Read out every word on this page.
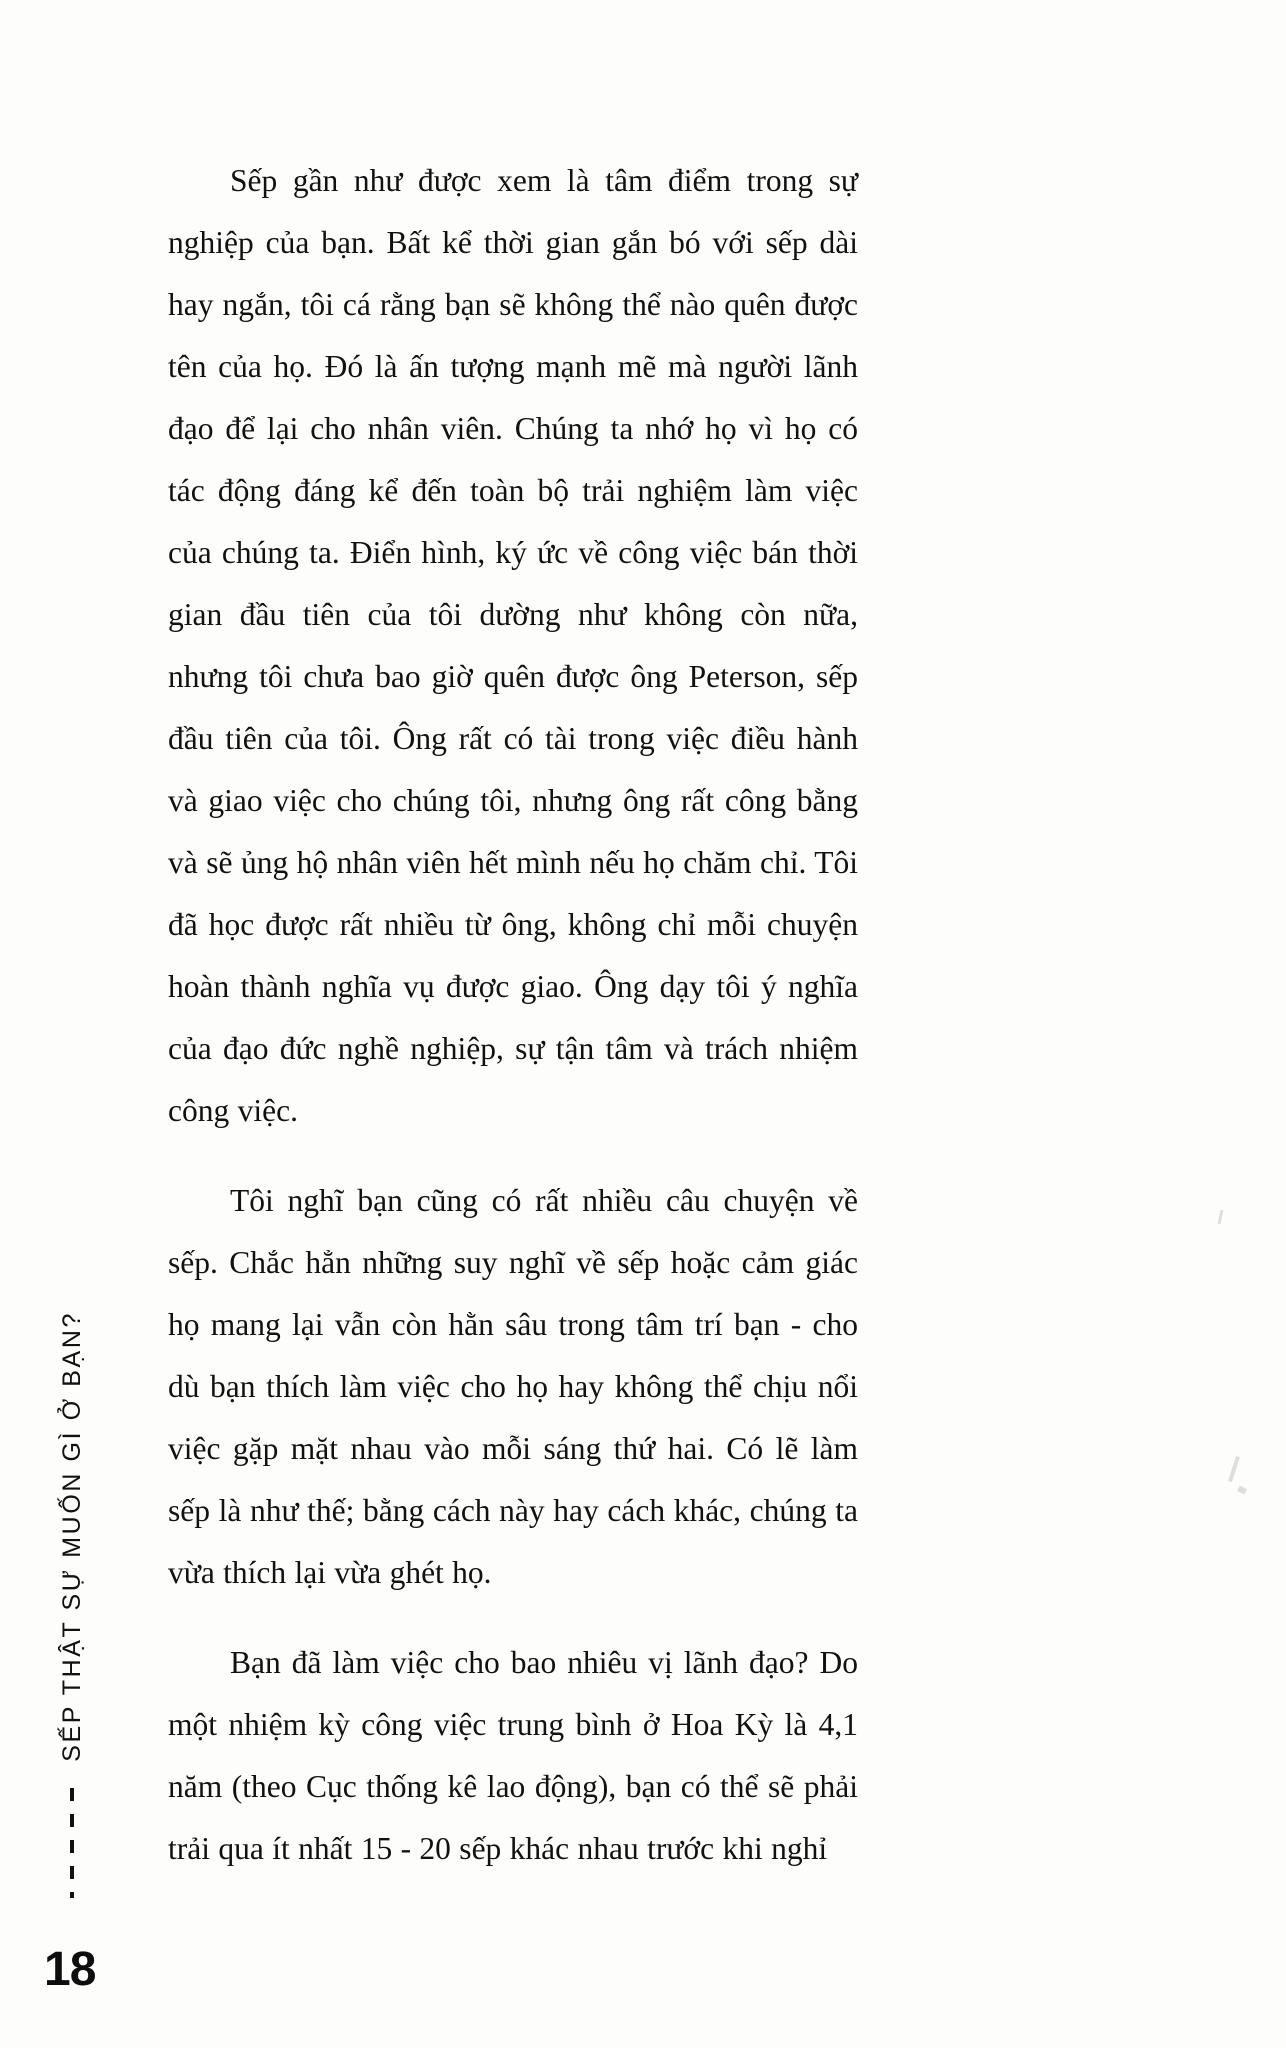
SẾP THẬT SỰ MUỐN GÌ Ở BẠN?
18

Sếp gần như được xem là tâm điểm trong sự nghiệp của bạn. Bất kể thời gian gắn bó với sếp dài hay ngắn, tôi cá rằng bạn sẽ không thể nào quên được tên của họ. Đó là ấn tượng mạnh mẽ mà người lãnh đạo để lại cho nhân viên. Chúng ta nhớ họ vì họ có tác động đáng kể đến toàn bộ trải nghiệm làm việc của chúng ta. Điển hình, ký ức về công việc bán thời gian đầu tiên của tôi dường như không còn nữa, nhưng tôi chưa bao giờ quên được ông Peterson, sếp đầu tiên của tôi. Ông rất có tài trong việc điều hành và giao việc cho chúng tôi, nhưng ông rất công bằng và sẽ ủng hộ nhân viên hết mình nếu họ chăm chỉ. Tôi đã học được rất nhiều từ ông, không chỉ mỗi chuyện hoàn thành nghĩa vụ được giao. Ông dạy tôi ý nghĩa của đạo đức nghề nghiệp, sự tận tâm và trách nhiệm công việc.

Tôi nghĩ bạn cũng có rất nhiều câu chuyện về sếp. Chắc hẳn những suy nghĩ về sếp hoặc cảm giác họ mang lại vẫn còn hằn sâu trong tâm trí bạn - cho dù bạn thích làm việc cho họ hay không thể chịu nổi việc gặp mặt nhau vào mỗi sáng thứ hai. Có lẽ làm sếp là như thế; bằng cách này hay cách khác, chúng ta vừa thích lại vừa ghét họ.

Bạn đã làm việc cho bao nhiêu vị lãnh đạo? Do một nhiệm kỳ công việc trung bình ở Hoa Kỳ là 4,1 năm (theo Cục thống kê lao động), bạn có thể sẽ phải trải qua ít nhất 15 - 20 sếp khác nhau trước khi nghỉ
